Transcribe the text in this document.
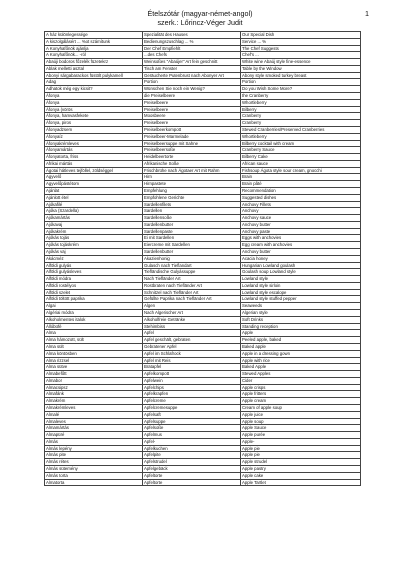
Ételszótár (magyar-német-angol)
szerk.: Lőrincz-Véger Judit
1
A ház különlegessége	Spezialität des Hauses	Our Special Dish
A kiszolgálásért ... %ot számítunk	Bedienungszuschlag ... %	Service ... %
A Konyhafőnök ajánlja	Der Chef Empfiehlt	The Chef Suggests
A Konyhafőnök... -ról	...des Chefs	Chef's ...
Abaúji bodoros főzelék füzetekrz	Weinsoßes "Abaújer" Art fein geschnitt	White wine Abaúj style fine-essence
Ablak melletti asztal	Tisch am Fenster	Table by the Window
Abonyi sárgabarackos füstölt pulykamell	Geräucherte Putenbrust nach Abonyer Art	Abony style smoked turkey breast
Adag	Portion	Portion
Adhatok még egy kicsit?	Wünschen Sie noch ein Wenig?	Do you Wish Some More?
Áfonya	die Preiselbeere	the Cranberry
Áfonya	Preiselbeere	Whortleberry
Áfonya (vörös	Preiselbeere	Bilberry
Áfonya, hamvasfekete	Moosbeere	Cranberry
Áfonya, piros	Preiselbeere	Cranberry
Áfonyadzsem	Preiselbeerkompott	Stewed Cranberries/Preserved Cranberries
Áfonyaíz	Preiselbeer-Marmelade	Whortleberry
Áfonyakrémleves	Preiselbeersuppe mit Sahne	Bilberry cocktail with cream
Áfonyamártás	Preiselbeersoße	Cranberry Sauce
Áfonyatorta, friss	Heidelbeertorte	Bilberry Cake
Afrikai mártás	Afrikanische Soße	African sauce
Ágotai hátleves tejföllel, zöldséggel	Frischbrühe nach Ágotaer Art mit Rahm	Fishsoup Ágota style sour cream, gnocchi
Agyvelő	Hirn	Brain
Agyvelőpástétom	Hirnpastete	Brain pâté
Ajánlat	Empfehlung	Recommendation
Ajánlott étel	Empfohlene Gerichte	Suggested dishes
Ajókafilé	Sardellenfilets	Anchovy Fillets
Ajóka (Szardella)	Sardellen	Anchovy
Ajókamártás	Sardellensoße	Anchovy sauce
Ajókavaj	Sardellenbutter	Anchovy butter
Ajókakrém	Sardellenpaste	Anchovy paste
Ajókás tojás	Ei mit Sardellen	Eggs with anchovies
Ajókás tojáskrém	Eiercreme mit Sardellen	Egg cream with anchovies
Ajókás vaj	Sardellenbutter	Anchovy butter
Akácméz	Akazienhonig	Acacia honey
Alföldi gulyás	Gulasch nach Tieflandart	Hungarian Lowland goulash
Alföldi gulyásleves	Tiefländische Gulyássuppe	Goulash soup Lowland style
Alföldi módra	Nach Tiefländer Art	Lowland style
Alföldi rostélyos	Rostbraten nach Tiefländer Art	Lowland style sirloin
Alföldi szelet	Schnitzel nach Tiefländer Art	Lowland style escalope
Alföldi töltött paprika	Gefüllte Paprika nach Tiefländer Art	Lowland style stuffed pepper
Algai	Algen	Seaweeds
Algériai módra	Nach Algerischer Art	Algerian style
Alkoholmentes italok	Alkoholfreie Getränke	Soft Drinks
Állóbüfé	Stehimbiss	Standing reception
Alma	Apfel	Apple
Alma hámozott, sült	Apfel geschält, gebraten	Peeled apple, baked
Alma sült	Gebratener Apfel	Baked apple
Alma köntösben	Apfel im Schlafrock	Apple in a dressing gown
Alma rizzsel	Apfel mit Reis	Apple with rice
Alma sütve	Bratapfel	Baked Apple
Almabefőtt	Apfelkompott	Stewed Apples
Almabor	Apfelwein	Cider
Almacsipsz	Apfelchips	Apple crisps
Almafánk	Apfelkrapfen	Apple fritters
Almakrém	Apfelcreme	Apple cream
Almakrémleves	Apfelcremesuppe	Cream of apple soup
Almalé	Apfelsaft	Apple juice
Almaleves	Apfelsuppe	Apple soup
Almamártás	Apfelsoße	Apple Sauce
Almapüré	Apfelmus	Apple purée
Almás	Apfel-	Apple-
Almás lepény	Apfelkuchen	Apple pie
Almás pite	Apfelpite	Apple pie
Almás rétes	Apfelstrudel	Apple strudel
Almás sütemény	Apfelgebäck	Apple pastry
Almás torta	Apfeltorte	Apple cake
Almatorta	Apfeltorte	Apple Tartlet
